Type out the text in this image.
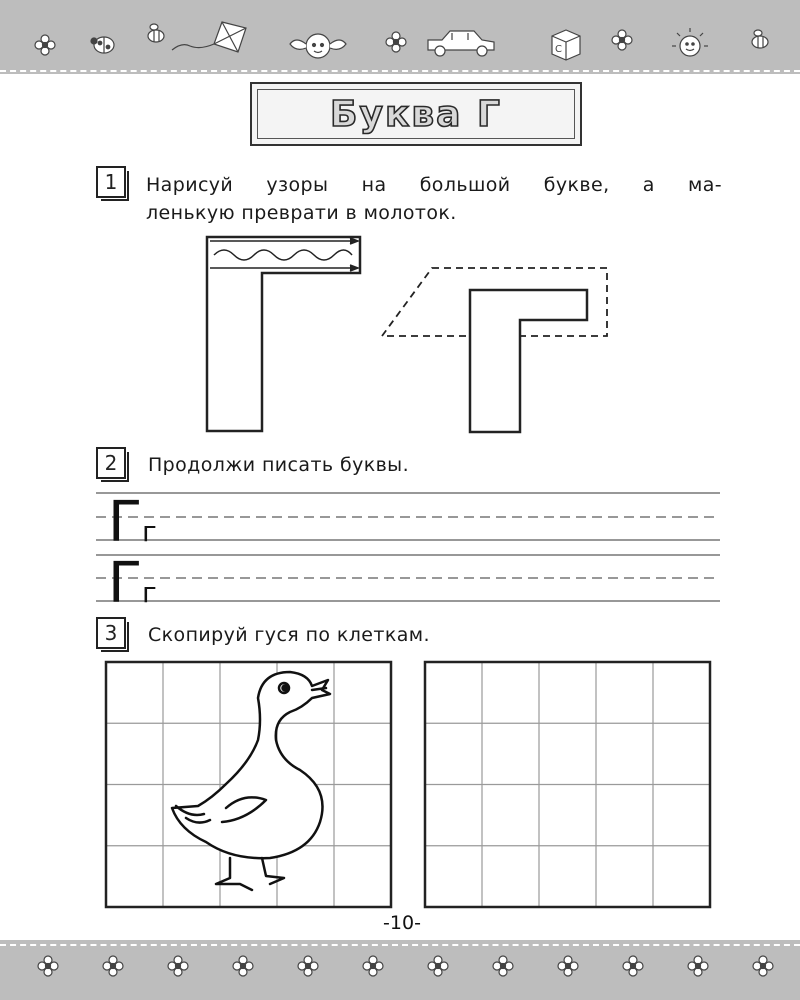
C
Буква Г
1	Нарисуй узоры на большой букве, а ма-
ленькую преврати в молоток.
2	Продолжи писать буквы.
Г г
Г г
3	Скопируй гуся по клеткам.
-10-
